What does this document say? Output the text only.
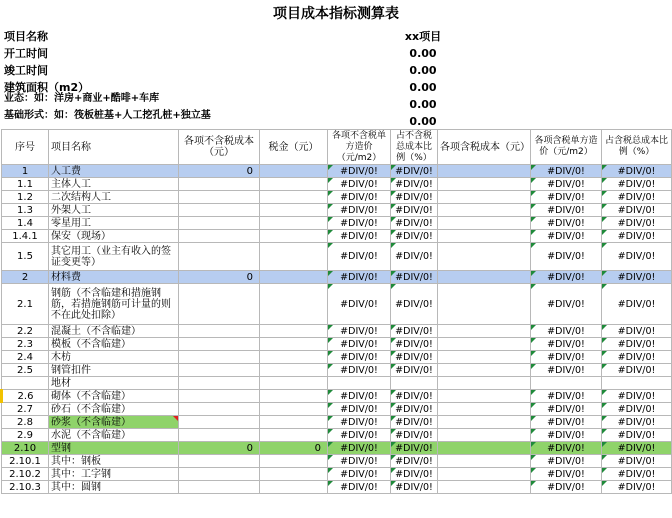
项目成本指标测算表
项目名称	xx项目
开工时间	0.00
竣工时间	0.00
建筑面积（m2）	0.00
业态：如：洋房+商业+酷啡+车库	0.00
基础形式：如：筏板桩基+人工挖孔桩+独立基	0.00
序号	项目名称	各项不含税成本（元）	税金（元）	各项不含税单方造价（元/m2）	占不含税总成本比例（%）	各项含税成本（元）	各项含税单方造价（元/m2）	占含税总成本比例（%）
1	人工费	0		#DIV/0!	#DIV/0!		#DIV/0!	#DIV/0!
1.1	主体人工			#DIV/0!	#DIV/0!		#DIV/0!	#DIV/0!
1.2	二次结构人工			#DIV/0!	#DIV/0!		#DIV/0!	#DIV/0!
1.3	外架人工			#DIV/0!	#DIV/0!		#DIV/0!	#DIV/0!
1.4	零星用工			#DIV/0!	#DIV/0!		#DIV/0!	#DIV/0!
1.4.1	保安（现场）			#DIV/0!	#DIV/0!		#DIV/0!	#DIV/0!
1.5	其它用工（业主有收入的签证变更等）			#DIV/0!	#DIV/0!		#DIV/0!	#DIV/0!
2	材料费	0		#DIV/0!	#DIV/0!		#DIV/0!	#DIV/0!
2.1	钢筋（不含临建和措施钢筋，若措施钢筋可计量的则不在此处扣除）			#DIV/0!	#DIV/0!		#DIV/0!	#DIV/0!
2.2	混凝土（不含临建）			#DIV/0!	#DIV/0!		#DIV/0!	#DIV/0!
2.3	模板（不含临建）			#DIV/0!	#DIV/0!		#DIV/0!	#DIV/0!
2.4	木枋			#DIV/0!	#DIV/0!		#DIV/0!	#DIV/0!
2.5	钢管扣件			#DIV/0!	#DIV/0!		#DIV/0!	#DIV/0!
	地材							
2.6	砌体（不含临建）			#DIV/0!	#DIV/0!		#DIV/0!	#DIV/0!
2.7	砂石（不含临建）			#DIV/0!	#DIV/0!		#DIV/0!	#DIV/0!
2.8	砂浆（不含临建）			#DIV/0!	#DIV/0!		#DIV/0!	#DIV/0!
2.9	水泥（不含临建）			#DIV/0!	#DIV/0!		#DIV/0!	#DIV/0!
2.10	型钢	0	0	#DIV/0!	#DIV/0!		#DIV/0!	#DIV/0!
2.10.1	其中：钢板			#DIV/0!	#DIV/0!		#DIV/0!	#DIV/0!
2.10.2	其中：工字钢			#DIV/0!	#DIV/0!		#DIV/0!	#DIV/0!
2.10.3	其中：圆钢			#DIV/0!	#DIV/0!		#DIV/0!	#DIV/0!
